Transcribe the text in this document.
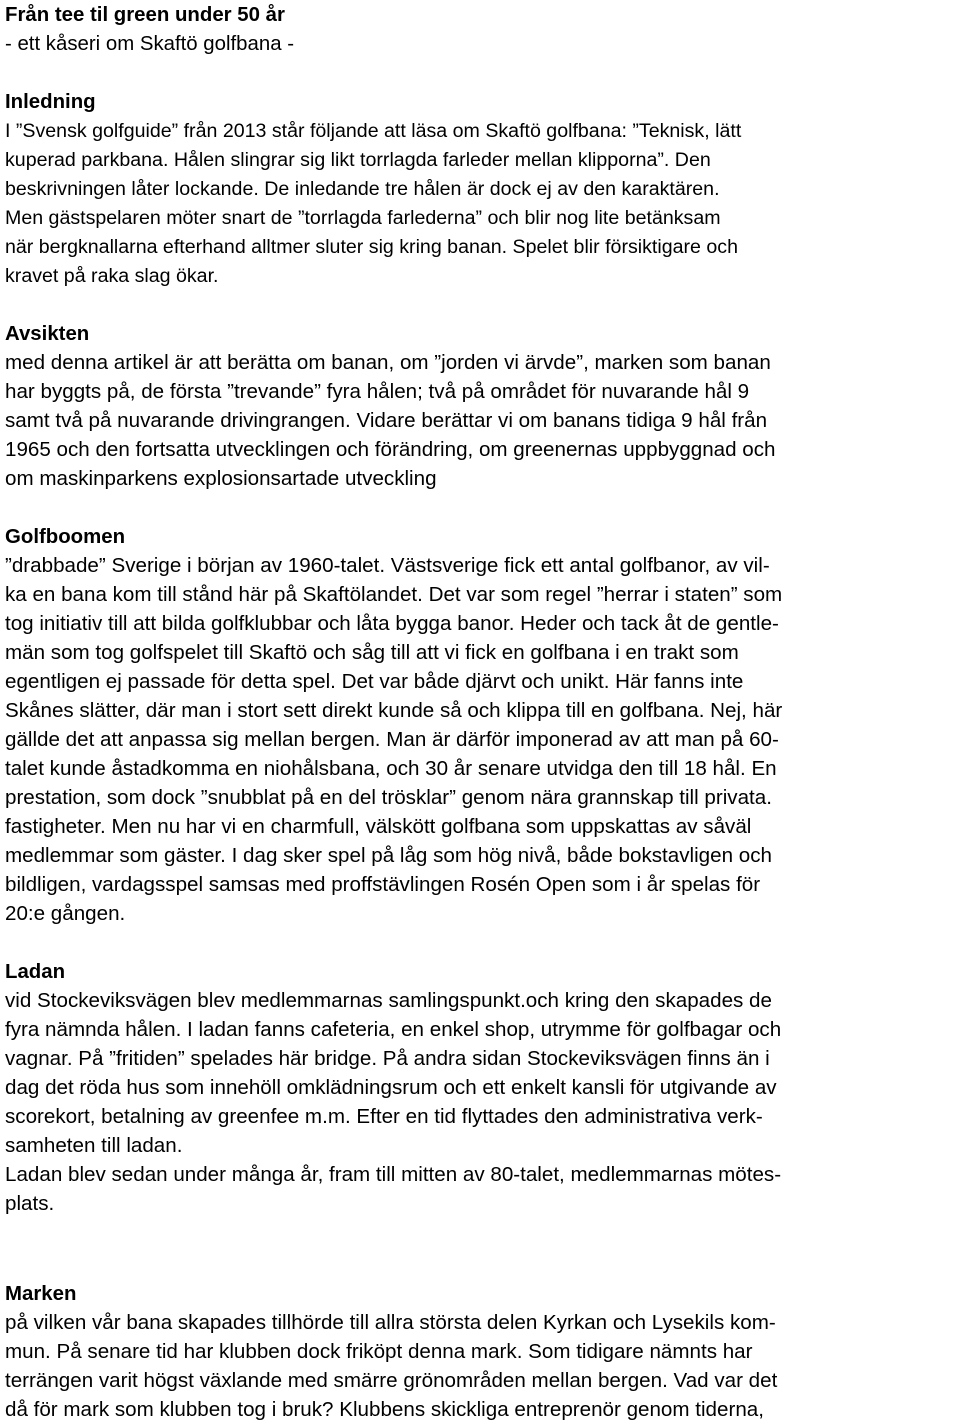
Från tee til green under 50 år
- ett kåseri om Skaftö golfbana -
Inledning
I ”Svensk golfguide” från 2013 står följande att läsa om Skaftö golfbana: ”Teknisk, lätt
kuperad parkbana. Hålen slingrar sig likt torrlagda farleder mellan klipporna”. Den
beskrivningen låter lockande. De inledande tre hålen är dock ej av den karaktären.
Men gästspelaren möter snart de ”torrlagda farlederna” och blir nog lite betänksam
när bergknallarna efterhand alltmer sluter sig kring banan. Spelet blir försiktigare och
kravet på raka slag ökar.
Avsikten
med denna artikel är att berätta om banan, om ”jorden vi ärvde”, marken som banan
har byggts på, de första ”trevande” fyra hålen; två på området för nuvarande hål 9
samt två på nuvarande drivingrangen. Vidare berättar vi om banans tidiga 9 hål från
1965 och den fortsatta utvecklingen och förändring, om greenernas uppbyggnad och
om maskinparkens explosionsartade utveckling
Golfboomen
”drabbade” Sverige i början av 1960-talet. Västsverige fick ett antal golfbanor, av vil-
ka en bana kom till stånd här på Skaftölandet. Det var som regel ”herrar i staten” som
tog initiativ till att bilda golfklubbar och låta bygga banor. Heder och tack åt de gentle-
män som tog golfspelet till Skaftö och såg till att vi fick en golfbana i en trakt som
egentligen ej passade för detta spel. Det var både djärvt och unikt. Här fanns inte
Skånes slätter, där man i stort sett direkt kunde så och klippa till en golfbana. Nej, här
gällde det att anpassa sig mellan bergen. Man är därför imponerad av att man på 60-
talet kunde åstadkomma en niohålsbana, och 30 år senare utvidga den till 18 hål. En
prestation, som dock ”snubblat på en del trösklar” genom nära grannskap till privata.
fastigheter. Men nu har vi en charmfull, välskött golfbana som uppskattas av såväl
medlemmar som gäster. I dag sker spel på låg som hög nivå, både bokstavligen och
bildligen, vardagsspel samsas med proffstävlingen Rosén Open som i år spelas för
20:e gången.
Ladan
vid Stockeviksvägen blev medlemmarnas samlingspunkt.och kring den skapades de
fyra nämnda hålen. I ladan fanns cafeteria, en enkel shop, utrymme för golfbagar och
vagnar. På ”fritiden” spelades här bridge. På andra sidan Stockeviksvägen finns än i
dag det röda hus som innehöll omklädningsrum och ett enkelt kansli för utgivande av
scorekort, betalning av greenfee m.m. Efter en tid flyttades den administrativa verk-
samheten till ladan.
Ladan blev sedan under många år, fram till mitten av 80-talet, medlemmarnas mötes-
plats.
Marken
på vilken vår bana skapades tillhörde till allra största delen Kyrkan och Lysekils kom-
mun. På senare tid har klubben dock friköpt denna mark. Som tidigare nämnts har
terrängen varit högst växlande med smärre grönområden mellan bergen. Vad var det
då för mark som klubben tog i bruk? Klubbens skickliga entreprenör genom tiderna,
